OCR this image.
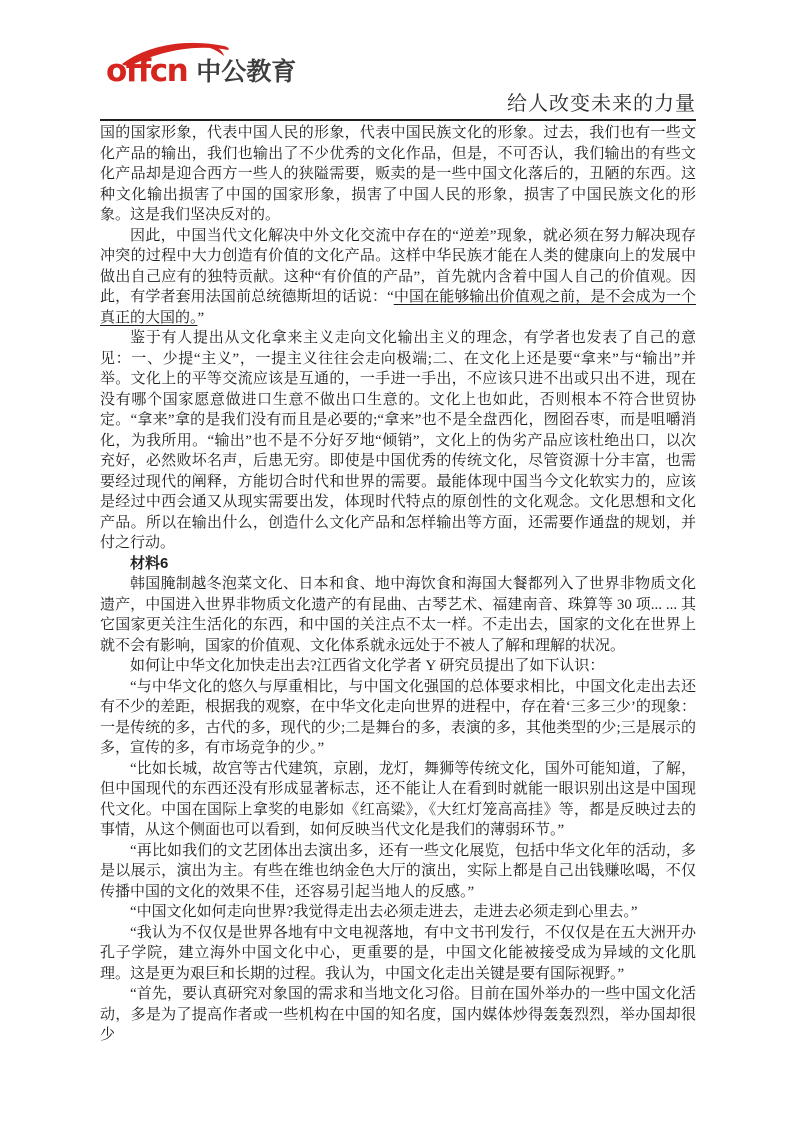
offcn 中公教育
给人改变未来的力量

国的国家形象，代表中国人民的形象，代表中国民族文化的形象。过去，我们也有一些文化产品的输出，我们也输出了不少优秀的文化作品，但是，不可否认，我们输出的有些文化产品却是迎合西方一些人的狭隘需要，贩卖的是一些中国文化落后的，丑陋的东西。这种文化输出损害了中国的国家形象，损害了中国人民的形象，损害了中国民族文化的形象。这是我们坚决反对的。

因此，中国当代文化解决中外文化交流中存在的“逆差”现象，就必须在努力解决现存冲突的过程中大力创造有价值的文化产品。这样中华民族才能在人类的健康向上的发展中做出自己应有的独特贡献。这种“有价值的产品”，首先就内含着中国人自己的价值观。因此，有学者套用法国前总统德斯坦的话说：“中国在能够输出价值观之前，是不会成为一个真正的大国的。”

鉴于有人提出从文化拿来主义走向文化输出主义的理念，有学者也发表了自己的意见：一、少提“主义”，一提主义往往会走向极端;二、在文化上还是要“拿来”与“输出”并举。文化上的平等交流应该是互通的，一手进一手出，不应该只进不出或只出不进，现在没有哪个国家愿意做进口生意不做出口生意的。文化上也如此，否则根本不符合世贸协定。“拿来”拿的是我们没有而且是必要的;“拿来”也不是全盘西化，囫囵吞枣，而是咀嚼消化，为我所用。“输出”也不是不分好歹地“倾销”，文化上的伪劣产品应该杜绝出口，以次充好，必然败坏名声，后患无穷。即使是中国优秀的传统文化，尽管资源十分丰富，也需要经过现代的阐释，方能切合时代和世界的需要。最能体现中国当今文化软实力的，应该是经过中西会通又从现实需要出发，体现时代特点的原创性的文化观念。文化思想和文化产品。所以在输出什么，创造什么文化产品和怎样输出等方面，还需要作通盘的规划，并付之行动。

材料6

韩国腌制越冬泡菜文化、日本和食、地中海饮食和海国大餐都列入了世界非物质文化遗产，中国进入世界非物质文化遗产的有昆曲、古琴艺术、福建南音、珠算等 30 项... ... 其它国家更关注生活化的东西，和中国的关注点不太一样。不走出去，国家的文化在世界上就不会有影响，国家的价值观、文化体系就永远处于不被人了解和理解的状况。

如何让中华文化加快走出去?江西省文化学者 Y 研究员提出了如下认识：

“与中华文化的悠久与厚重相比，与中国文化强国的总体要求相比，中国文化走出去还有不少的差距，根据我的观察，在中华文化走向世界的进程中，存在着‘三多三少’的现象：一是传统的多，古代的多，现代的少;二是舞台的多，表演的多，其他类型的少;三是展示的多，宣传的多，有市场竞争的少。”

“比如长城，故宫等古代建筑，京剧，龙灯，舞狮等传统文化，国外可能知道，了解，但中国现代的东西还没有形成显著标志，还不能让人在看到时就能一眼识别出这是中国现代文化。中国在国际上拿奖的电影如《红高粱》，《大红灯笼高高挂》等，都是反映过去的事情，从这个侧面也可以看到，如何反映当代文化是我们的薄弱环节。”

“再比如我们的文艺团体出去演出多，还有一些文化展览，包括中华文化年的活动，多是以展示，演出为主。有些在维也纳金色大厅的演出，实际上都是自己出钱赚吆喝，不仅传播中国的文化的效果不佳，还容易引起当地人的反感。”

“中国文化如何走向世界?我觉得走出去必须走进去，走进去必须走到心里去。”

“我认为不仅仅是世界各地有中文电视落地，有中文书刊发行，不仅仅是在五大洲开办孔子学院，建立海外中国文化中心，更重要的是，中国文化能被接受成为异域的文化肌理。这是更为艰巨和长期的过程。我认为，中国文化走出关键是要有国际视野。”

“首先，要认真研究对象国的需求和当地文化习俗。目前在国外举办的一些中国文化活动，多是为了提高作者或一些机构在中国的知名度，国内媒体炒得轰轰烈烈，举办国却很少
